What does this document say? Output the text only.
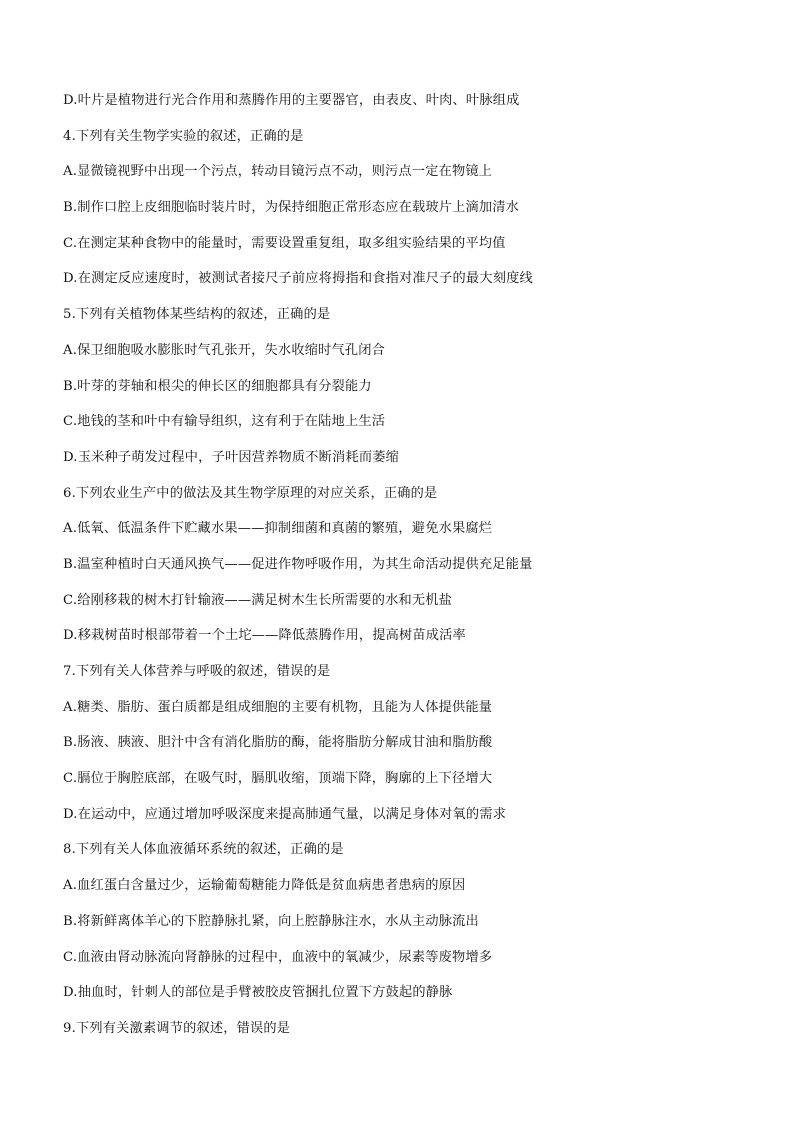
D.叶片是植物进行光合作用和蒸腾作用的主要器官，由表皮、叶肉、叶脉组成
4.下列有关生物学实验的叙述，正确的是
A.显微镜视野中出现一个污点，转动目镜污点不动，则污点一定在物镜上
B.制作口腔上皮细胞临时装片时，为保持细胞正常形态应在载玻片上滴加清水
C.在测定某种食物中的能量时，需要设置重复组，取多组实验结果的平均值
D.在测定反应速度时，被测试者接尺子前应将拇指和食指对准尺子的最大刻度线
5.下列有关植物体某些结构的叙述，正确的是
A.保卫细胞吸水膨胀时气孔张开，失水收缩时气孔闭合
B.叶芽的芽轴和根尖的伸长区的细胞都具有分裂能力
C.地钱的茎和叶中有输导组织，这有利于在陆地上生活
D.玉米种子萌发过程中，子叶因营养物质不断消耗而萎缩
6.下列农业生产中的做法及其生物学原理的对应关系，正确的是
A.低氧、低温条件下贮藏水果——抑制细菌和真菌的繁殖，避免水果腐烂
B.温室种植时白天通风换气——促进作物呼吸作用，为其生命活动提供充足能量
C.给刚移栽的树木打针输液——满足树木生长所需要的水和无机盐
D.移栽树苗时根部带着一个土坨——降低蒸腾作用，提高树苗成活率
7.下列有关人体营养与呼吸的叙述，错误的是
A.糖类、脂肪、蛋白质都是组成细胞的主要有机物，且能为人体提供能量
B.肠液、胰液、胆汁中含有消化脂肪的酶，能将脂肪分解成甘油和脂肪酸
C.膈位于胸腔底部，在吸气时，膈肌收缩，顶端下降，胸廓的上下径增大
D.在运动中，应通过增加呼吸深度来提高肺通气量，以满足身体对氧的需求
8.下列有关人体血液循环系统的叙述，正确的是
A.血红蛋白含量过少，运输葡萄糖能力降低是贫血病患者患病的原因
B.将新鲜离体羊心的下腔静脉扎紧，向上腔静脉注水，水从主动脉流出
C.血液由肾动脉流向肾静脉的过程中，血液中的氧减少，尿素等废物增多
D.抽血时，针刺人的部位是手臂被胶皮管捆扎位置下方鼓起的静脉
9.下列有关激素调节的叙述，错误的是
